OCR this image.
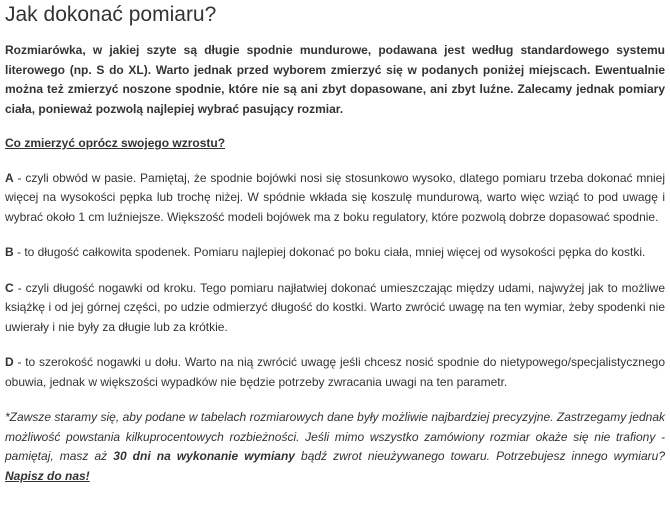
Jak dokonać pomiaru?

Rozmiarówka, w jakiej szyte są długie spodnie mundurowe, podawana jest według standardowego systemu literowego (np. S do XL). Warto jednak przed wyborem zmierzyć się w podanych poniżej miejscach. Ewentualnie można też zmierzyć noszone spodnie, które nie są ani zbyt dopasowane, ani zbyt luźne. Zalecamy jednak pomiary ciała, ponieważ pozwolą najlepiej wybrać pasujący rozmiar.

Co zmierzyć oprócz swojego wzrostu?

A - czyli obwód w pasie. Pamiętaj, że spodnie bojówki nosi się stosunkowo wysoko, dlatego pomiaru trzeba dokonać mniej więcej na wysokości pępka lub trochę niżej. W spódnie wkłada się koszulę mundurową, warto więc wziąć to pod uwagę i wybrać około 1 cm luźniejsze. Większość modeli bojówek ma z boku regulatory, które pozwolą dobrze dopasować spodnie.

B - to długość całkowita spodenek. Pomiaru najlepiej dokonać po boku ciała, mniej więcej od wysokości pępka do kostki.

C - czyli długość nogawki od kroku. Tego pomiaru najłatwiej dokonać umieszczając między udami, najwyżej jak to możliwe książkę i od jej górnej części, po udzie odmierzyć długość do kostki. Warto zwrócić uwagę na ten wymiar, żeby spodenki nie uwierały i nie były za długie lub za krótkie.

D - to szerokość nogawki u dołu. Warto na nią zwrócić uwagę jeśli chcesz nosić spodnie do nietypowego/specjalistycznego obuwia, jednak w większości wypadków nie będzie potrzeby zwracania uwagi na ten parametr.

*Zawsze staramy się, aby podane w tabelach rozmiarowych dane były możliwie najbardziej precyzyjne. Zastrzegamy jednak możliwość powstania kilkuprocentowych rozbieżności. Jeśli mimo wszystko zamówiony rozmiar okaże się nie trafiony - pamiętaj, masz aż 30 dni na wykonanie wymiany bądź zwrot nieużywanego towaru. Potrzebujesz innego wymiaru? Napisz do nas!
